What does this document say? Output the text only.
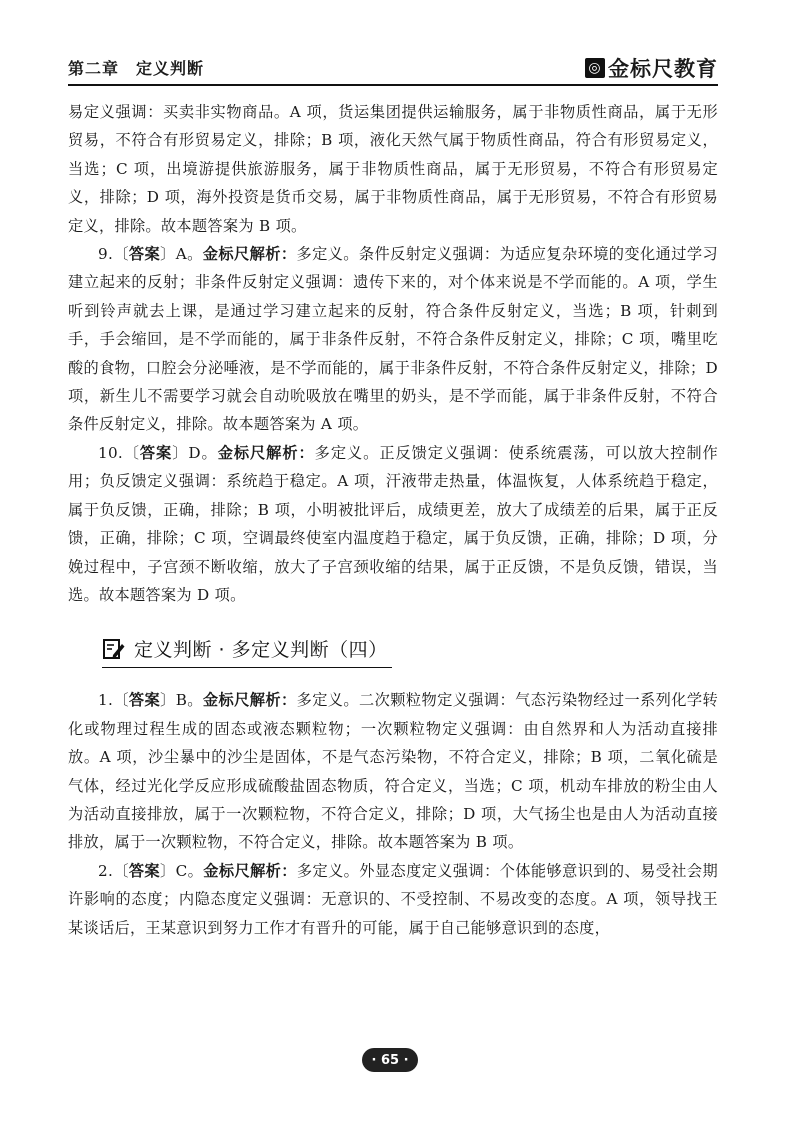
第二章　定义判断	◎ 金标尺教育

易定义强调：买卖非实物商品。A 项，货运集团提供运输服务，属于非物质性商品，属于无形贸易，不符合有形贸易定义，排除；B 项，液化天然气属于物质性商品，符合有形贸易定义，当选；C 项，出境游提供旅游服务，属于非物质性商品，属于无形贸易，不符合有形贸易定义，排除；D 项，海外投资是货币交易，属于非物质性商品，属于无形贸易，不符合有形贸易定义，排除。故本题答案为 B 项。

9.〔答案〕A。金标尺解析：多定义。条件反射定义强调：为适应复杂环境的变化通过学习建立起来的反射；非条件反射定义强调：遗传下来的，对个体来说是不学而能的。A 项，学生听到铃声就去上课，是通过学习建立起来的反射，符合条件反射定义，当选；B 项，针刺到手，手会缩回，是不学而能的，属于非条件反射，不符合条件反射定义，排除；C 项，嘴里吃酸的食物，口腔会分泌唾液，是不学而能的，属于非条件反射，不符合条件反射定义，排除；D 项，新生儿不需要学习就会自动吮吸放在嘴里的奶头，是不学而能，属于非条件反射，不符合条件反射定义，排除。故本题答案为 A 项。

10.〔答案〕D。金标尺解析：多定义。正反馈定义强调：使系统震荡，可以放大控制作用；负反馈定义强调：系统趋于稳定。A 项，汗液带走热量，体温恢复，人体系统趋于稳定，属于负反馈，正确，排除；B 项，小明被批评后，成绩更差，放大了成绩差的后果，属于正反馈，正确，排除；C 项，空调最终使室内温度趋于稳定，属于负反馈，正确，排除；D 项，分娩过程中，子宫颈不断收缩，放大了子宫颈收缩的结果，属于正反馈，不是负反馈，错误，当选。故本题答案为 D 项。

定义判断 · 多定义判断（四）

1.〔答案〕B。金标尺解析：多定义。二次颗粒物定义强调：气态污染物经过一系列化学转化或物理过程生成的固态或液态颗粒物；一次颗粒物定义强调：由自然界和人为活动直接排放。A 项，沙尘暴中的沙尘是固体，不是气态污染物，不符合定义，排除；B 项，二氧化硫是气体，经过光化学反应形成硫酸盐固态物质，符合定义，当选；C 项，机动车排放的粉尘由人为活动直接排放，属于一次颗粒物，不符合定义，排除；D 项，大气扬尘也是由人为活动直接排放，属于一次颗粒物，不符合定义，排除。故本题答案为 B 项。

2.〔答案〕C。金标尺解析：多定义。外显态度定义强调：个体能够意识到的、易受社会期许影响的态度；内隐态度定义强调：无意识的、不受控制、不易改变的态度。A 项，领导找王某谈话后，王某意识到努力工作才有晋升的可能，属于自己能够意识到的态度，

· 65 ·
